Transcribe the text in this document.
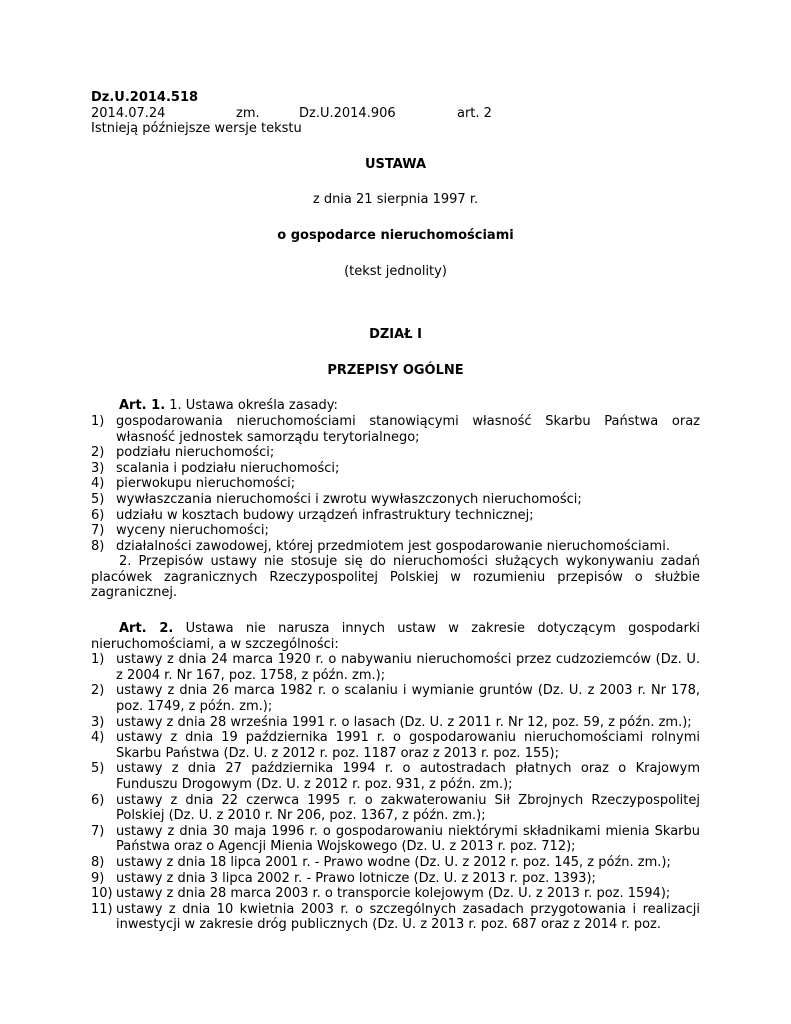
Dz.U.2014.518
2014.07.24	zm.	Dz.U.2014.906	art. 2
Istnieją późniejsze wersje tekstu
USTAWA
z dnia 21 sierpnia 1997 r.
o gospodarce nieruchomościami
(tekst jednolity)
DZIAŁ I
PRZEPISY OGÓLNE
Art. 1. 1. Ustawa określa zasady:
1) gospodarowania nieruchomościami stanowiącymi własność Skarbu Państwa oraz własność jednostek samorządu terytorialnego;
2) podziału nieruchomości;
3) scalania i podziału nieruchomości;
4) pierwokupu nieruchomości;
5) wywłaszczania nieruchomości i zwrotu wywłaszczonych nieruchomości;
6) udziału w kosztach budowy urządzeń infrastruktury technicznej;
7) wyceny nieruchomości;
8) działalności zawodowej, której przedmiotem jest gospodarowanie nieruchomościami.
2. Przepisów ustawy nie stosuje się do nieruchomości służących wykonywaniu zadań placówek zagranicznych Rzeczypospolitej Polskiej w rozumieniu przepisów o służbie zagranicznej.
Art. 2. Ustawa nie narusza innych ustaw w zakresie dotyczącym gospodarki nieruchomościami, a w szczególności:
1) ustawy z dnia 24 marca 1920 r. o nabywaniu nieruchomości przez cudzoziemców (Dz. U. z 2004 r. Nr 167, poz. 1758, z późn. zm.);
2) ustawy z dnia 26 marca 1982 r. o scalaniu i wymianie gruntów (Dz. U. z 2003 r. Nr 178, poz. 1749, z późn. zm.);
3) ustawy z dnia 28 września 1991 r. o lasach (Dz. U. z 2011 r. Nr 12, poz. 59, z późn. zm.);
4) ustawy z dnia 19 października 1991 r. o gospodarowaniu nieruchomościami rolnymi Skarbu Państwa (Dz. U. z 2012 r. poz. 1187 oraz z 2013 r. poz. 155);
5) ustawy z dnia 27 października 1994 r. o autostradach płatnych oraz o Krajowym Funduszu Drogowym (Dz. U. z 2012 r. poz. 931, z późn. zm.);
6) ustawy z dnia 22 czerwca 1995 r. o zakwaterowaniu Sił Zbrojnych Rzeczypospolitej Polskiej (Dz. U. z 2010 r. Nr 206, poz. 1367, z późn. zm.);
7) ustawy z dnia 30 maja 1996 r. o gospodarowaniu niektórymi składnikami mienia Skarbu Państwa oraz o Agencji Mienia Wojskowego (Dz. U. z 2013 r. poz. 712);
8) ustawy z dnia 18 lipca 2001 r. - Prawo wodne (Dz. U. z 2012 r. poz. 145, z późn. zm.);
9) ustawy z dnia 3 lipca 2002 r. - Prawo lotnicze (Dz. U. z 2013 r. poz. 1393);
10) ustawy z dnia 28 marca 2003 r. o transporcie kolejowym (Dz. U. z 2013 r. poz. 1594);
11) ustawy z dnia 10 kwietnia 2003 r. o szczególnych zasadach przygotowania i realizacji inwestycji w zakresie dróg publicznych (Dz. U. z 2013 r. poz. 687 oraz z 2014 r. poz.
